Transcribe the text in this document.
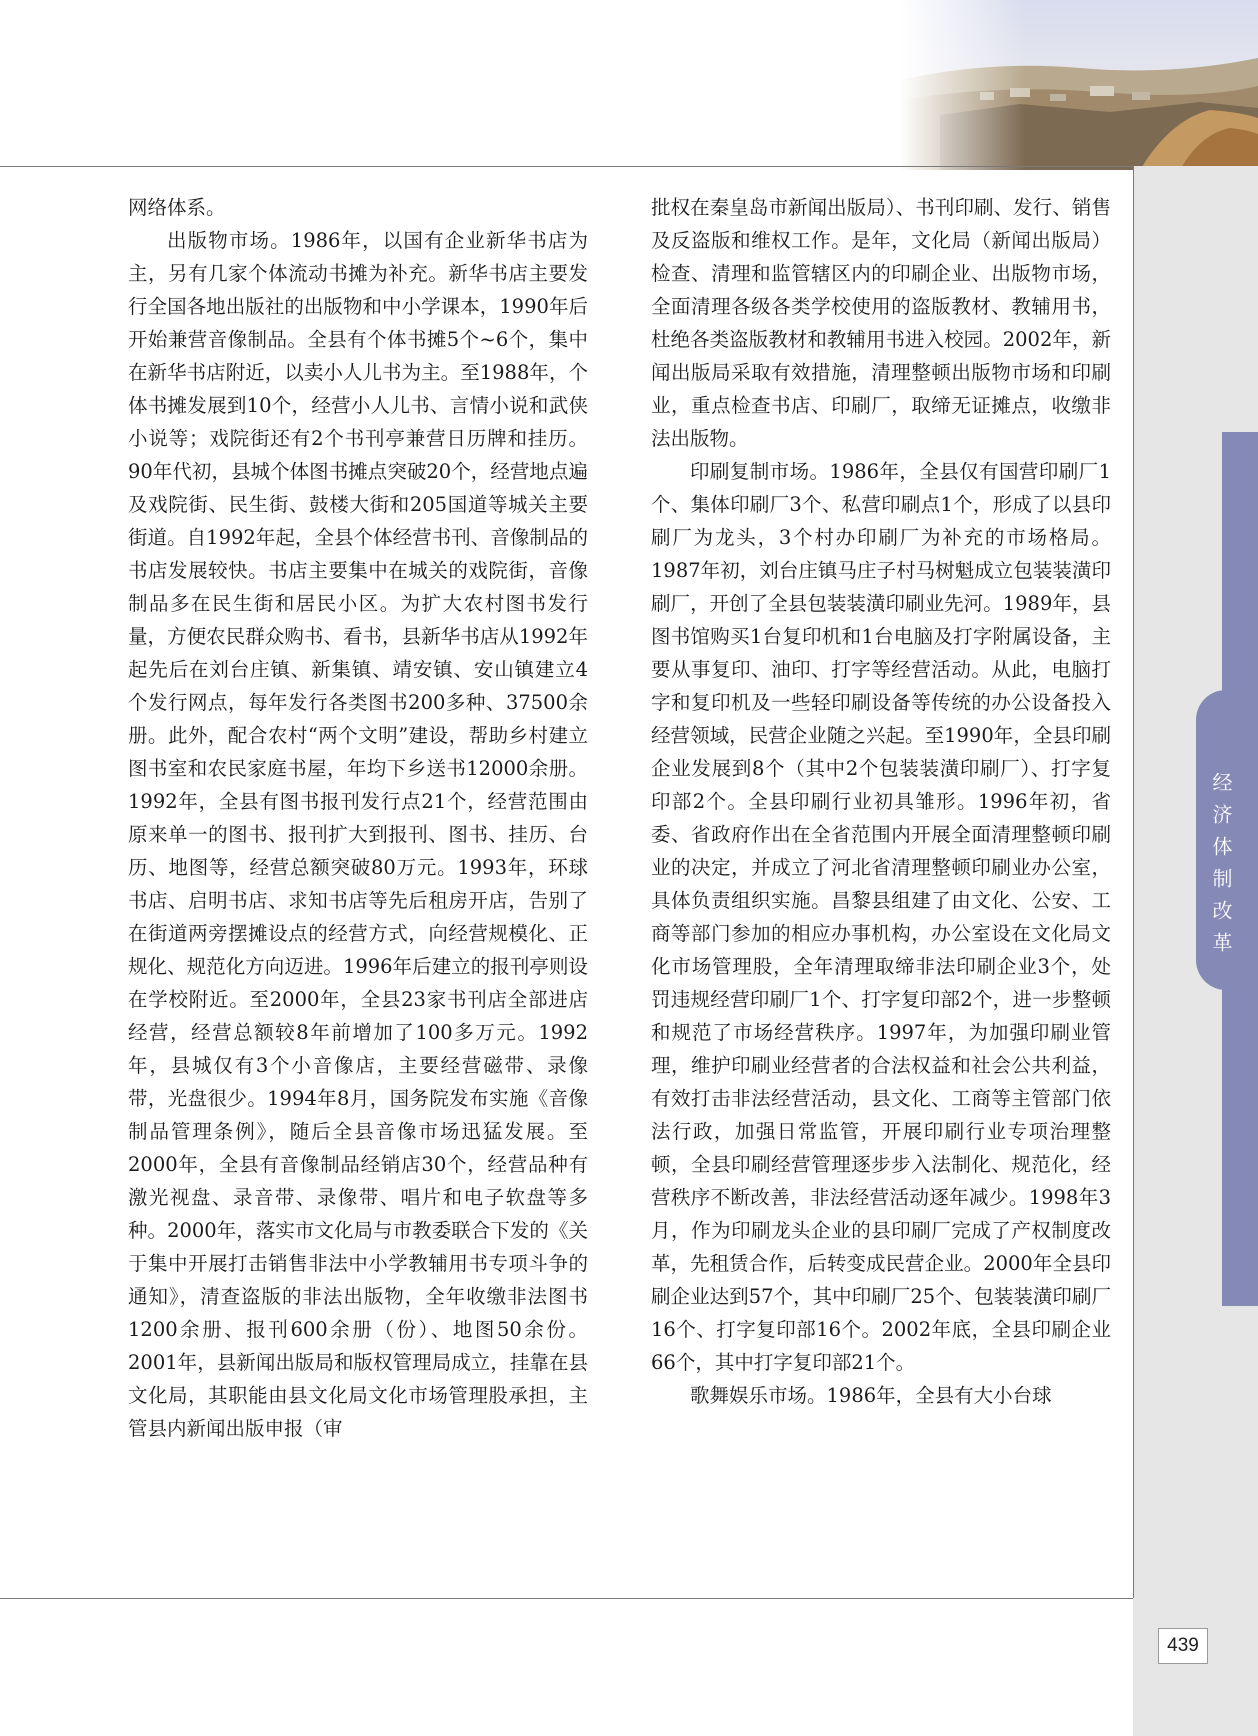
经济体制改革

网络体系。

出版物市场。1986年，以国有企业新华书店为主，另有几家个体流动书摊为补充。新华书店主要发行全国各地出版社的出版物和中小学课本，1990年后开始兼营音像制品。全县有个体书摊5个~6个，集中在新华书店附近，以卖小人儿书为主。至1988年，个体书摊发展到10个，经营小人儿书、言情小说和武侠小说等；戏院街还有2个书刊亭兼营日历牌和挂历。90年代初，县城个体图书摊点突破20个，经营地点遍及戏院街、民生街、鼓楼大街和205国道等城关主要街道。自1992年起，全县个体经营书刊、音像制品的书店发展较快。书店主要集中在城关的戏院街，音像制品多在民生街和居民小区。为扩大农村图书发行量，方便农民群众购书、看书，县新华书店从1992年起先后在刘台庄镇、新集镇、靖安镇、安山镇建立4个发行网点，每年发行各类图书200多种、37500余册。此外，配合农村“两个文明”建设，帮助乡村建立图书室和农民家庭书屋，年均下乡送书12000余册。1992年，全县有图书报刊发行点21个，经营范围由原来单一的图书、报刊扩大到报刊、图书、挂历、台历、地图等，经营总额突破80万元。1993年，环球书店、启明书店、求知书店等先后租房开店，告别了在街道两旁摆摊设点的经营方式，向经营规模化、正规化、规范化方向迈进。1996年后建立的报刊亭则设在学校附近。至2000年，全县23家书刊店全部进店经营，经营总额较8年前增加了100多万元。1992年，县城仅有3个小音像店，主要经营磁带、录像带，光盘很少。1994年8月，国务院发布实施《音像制品管理条例》，随后全县音像市场迅猛发展。至2000年，全县有音像制品经销店30个，经营品种有激光视盘、录音带、录像带、唱片和电子软盘等多种。2000年，落实市文化局与市教委联合下发的《关于集中开展打击销售非法中小学教辅用书专项斗争的通知》，清查盗版的非法出版物，全年收缴非法图书1200余册、报刊600余册（份）、地图50余份。2001年，县新闻出版局和版权管理局成立，挂靠在县文化局，其职能由县文化局文化市场管理股承担，主管县内新闻出版申报（审

批权在秦皇岛市新闻出版局）、书刊印刷、发行、销售及反盗版和维权工作。是年，文化局（新闻出版局）检查、清理和监管辖区内的印刷企业、出版物市场，全面清理各级各类学校使用的盗版教材、教辅用书，杜绝各类盗版教材和教辅用书进入校园。2002年，新闻出版局采取有效措施，清理整顿出版物市场和印刷业，重点检查书店、印刷厂，取缔无证摊点，收缴非法出版物。

印刷复制市场。1986年，全县仅有国营印刷厂1个、集体印刷厂3个、私营印刷点1个，形成了以县印刷厂为龙头，3个村办印刷厂为补充的市场格局。1987年初，刘台庄镇马庄子村马树魁成立包装装潢印刷厂，开创了全县包装装潢印刷业先河。1989年，县图书馆购买1台复印机和1台电脑及打字附属设备，主要从事复印、油印、打字等经营活动。从此，电脑打字和复印机及一些轻印刷设备等传统的办公设备投入经营领域，民营企业随之兴起。至1990年，全县印刷企业发展到8个（其中2个包装装潢印刷厂）、打字复印部2个。全县印刷行业初具雏形。1996年初，省委、省政府作出在全省范围内开展全面清理整顿印刷业的决定，并成立了河北省清理整顿印刷业办公室，具体负责组织实施。昌黎县组建了由文化、公安、工商等部门参加的相应办事机构，办公室设在文化局文化市场管理股，全年清理取缔非法印刷企业3个，处罚违规经营印刷厂1个、打字复印部2个，进一步整顿和规范了市场经营秩序。1997年，为加强印刷业管理，维护印刷业经营者的合法权益和社会公共利益，有效打击非法经营活动，县文化、工商等主管部门依法行政，加强日常监管，开展印刷行业专项治理整顿，全县印刷经营管理逐步步入法制化、规范化，经营秩序不断改善，非法经营活动逐年减少。1998年3月，作为印刷龙头企业的县印刷厂完成了产权制度改革，先租赁合作，后转变成民营企业。2000年全县印刷企业达到57个，其中印刷厂25个、包装装潢印刷厂16个、打字复印部16个。2002年底，全县印刷企业66个，其中打字复印部21个。

歌舞娱乐市场。1986年，全县有大小台球

439
